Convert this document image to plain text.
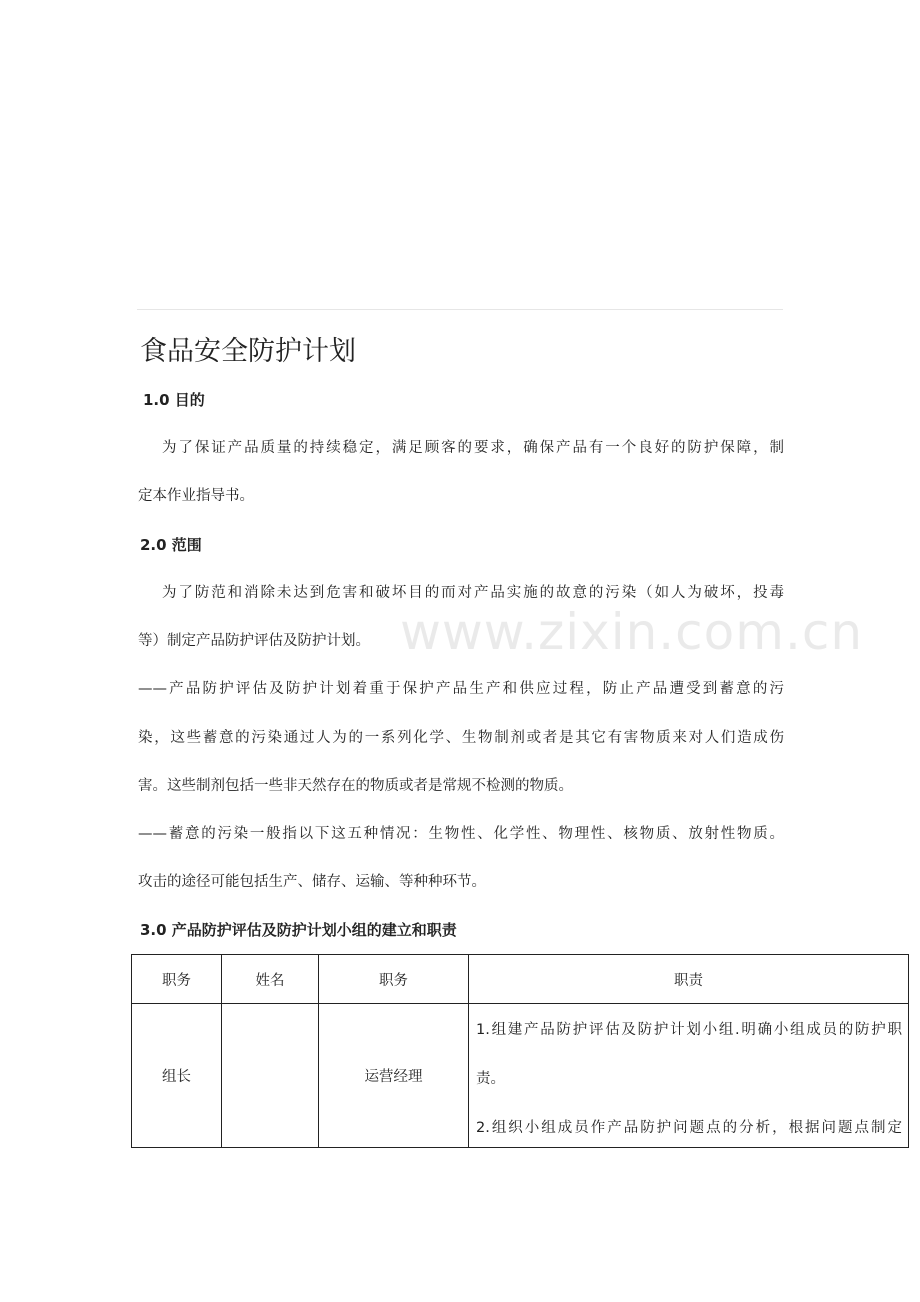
食品安全防护计划
1.0 目的
为了保证产品质量的持续稳定，满足顾客的要求，确保产品有一个良好的防护保障，制
定本作业指导书。
2.0 范围
为了防范和消除未达到危害和破坏目的而对产品实施的故意的污染（如人为破坏，投毒
等）制定产品防护评估及防护计划。
——产品防护评估及防护计划着重于保护产品生产和供应过程，防止产品遭受到蓄意的污
染，这些蓄意的污染通过人为的一系列化学、生物制剂或者是其它有害物质来对人们造成伤
害。这些制剂包括一些非天然存在的物质或者是常规不检测的物质。
——蓄意的污染一般指以下这五种情况：生物性、化学性、物理性、核物质、放射性物质。
攻击的途径可能包括生产、储存、运输、等种种环节。
3.0 产品防护评估及防护计划小组的建立和职责
www.zixin.com.cn
职务	姓名	职务	职责
组长		运营经理	1.组建产品防护评估及防护计划小组.明确小组成员的防护职
责。
2.组织小组成员作产品防护问题点的分析，根据问题点制定
